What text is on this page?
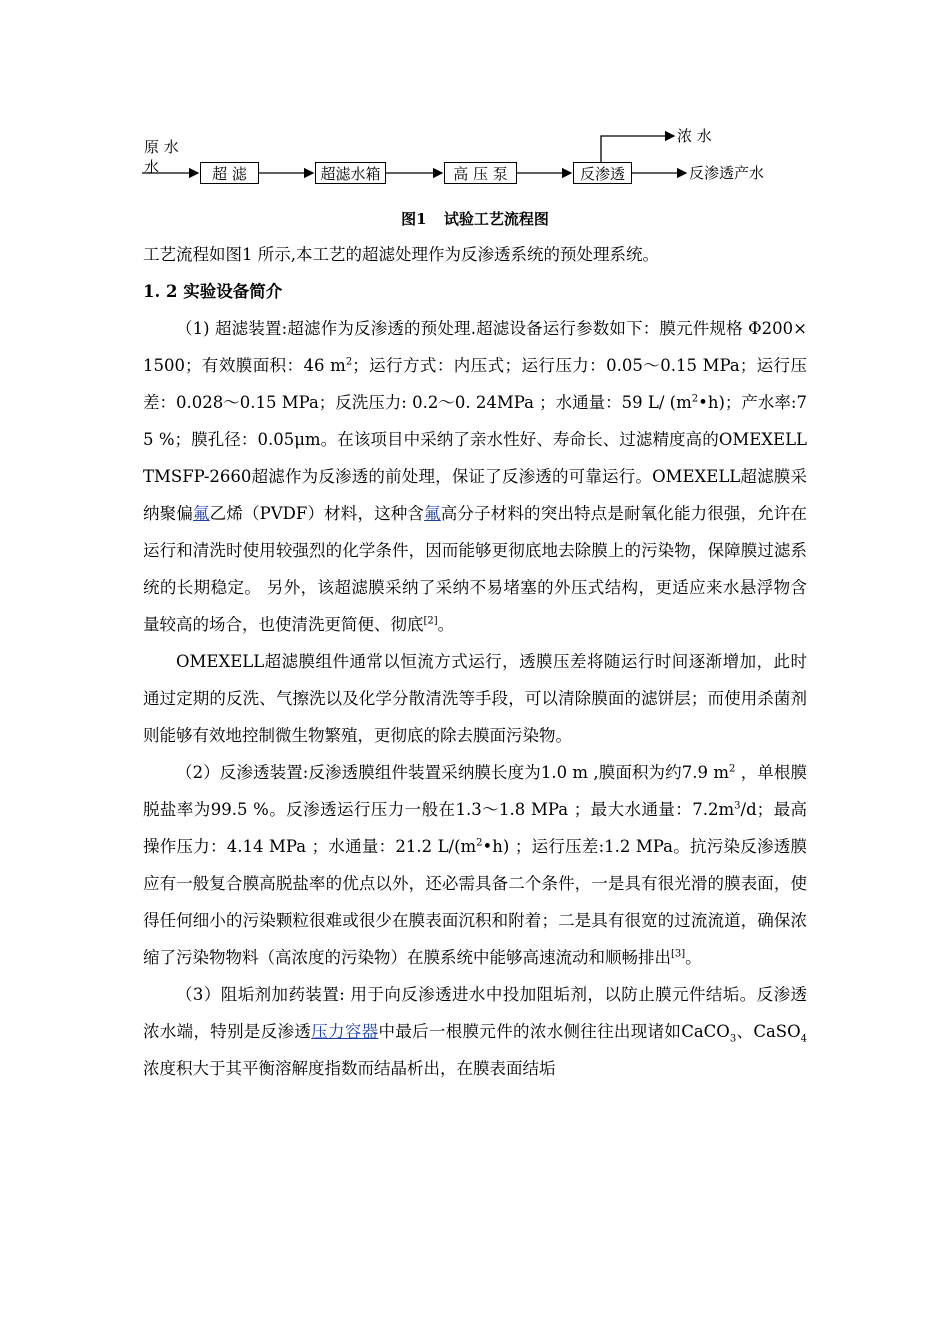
原 水
水	超 滤	超滤水箱	高 压 泵	反渗透
浓 水
反渗透产水
图1 试验工艺流程图

工艺流程如图1 所示,本工艺的超滤处理作为反渗透系统的预处理系统。

1. 2 实验设备简介

（1) 超滤装置:超滤作为反渗透的预处理.超滤设备运行参数如下：膜元件规格 Φ200×1500；有效膜面积：46 $m^2$；运行方式：内压式；运行压力：0.05～0.15 MPa；运行压差：0.028～0.15 MPa；反洗压力: 0.2～0. 24MPa ；水通量：59 L/ $(m^2•h)$；产水率:75 %；膜孔径：0.05μm。在该项目中采纳了亲水性好、寿命长、过滤精度高的OMEXELLTMSFP-2660超滤作为反渗透的前处理，保证了反渗透的可靠运行。OMEXELL超滤膜采纳聚偏氟乙烯（PVDF）材料，这种含氟高分子材料的突出特点是耐氧化能力很强，允许在运行和清洗时使用较强烈的化学条件，因而能够更彻底地去除膜上的污染物，保障膜过滤系统的长期稳定。 另外，该超滤膜采纳了采纳不易堵塞的外压式结构，更适应来水悬浮物含量较高的场合，也使清洗更简便、彻底[2]。

OMEXELL超滤膜组件通常以恒流方式运行，透膜压差将随运行时间逐渐增加，此时通过定期的反洗、气擦洗以及化学分散清洗等手段，可以清除膜面的滤饼层；而使用杀菌剂则能够有效地控制微生物繁殖，更彻底的除去膜面污染物。

（2）反渗透装置:反渗透膜组件装置采纳膜长度为1.0 m ,膜面积为约7.9 $m^2$ ，单根膜脱盐率为99.5 %。反渗透运行压力一般在1.3～1.8 MPa ；最大水通量：$7.2m^3/d$；最高操作压力：4.14 MPa ；水通量：21.2 $L/(m^2•h)$ ；运行压差:1.2 MPa。抗污染反渗透膜应有一般复合膜高脱盐率的优点以外，还必需具备二个条件，一是具有很光滑的膜表面，使得任何细小的污染颗粒很难或很少在膜表面沉积和附着；二是具有很宽的过流流道，确保浓缩了污染物物料（高浓度的污染物）在膜系统中能够高速流动和顺畅排出[3]。

（3）阻垢剂加药装置: 用于向反渗透进水中投加阻垢剂，以防止膜元件结垢。反渗透浓水端，特别是反渗透压力容器中最后一根膜元件的浓水侧往往出现诸如CaCO$_3$、CaSO$_4$浓度积大于其平衡溶解度指数而结晶析出，在膜表面结垢
